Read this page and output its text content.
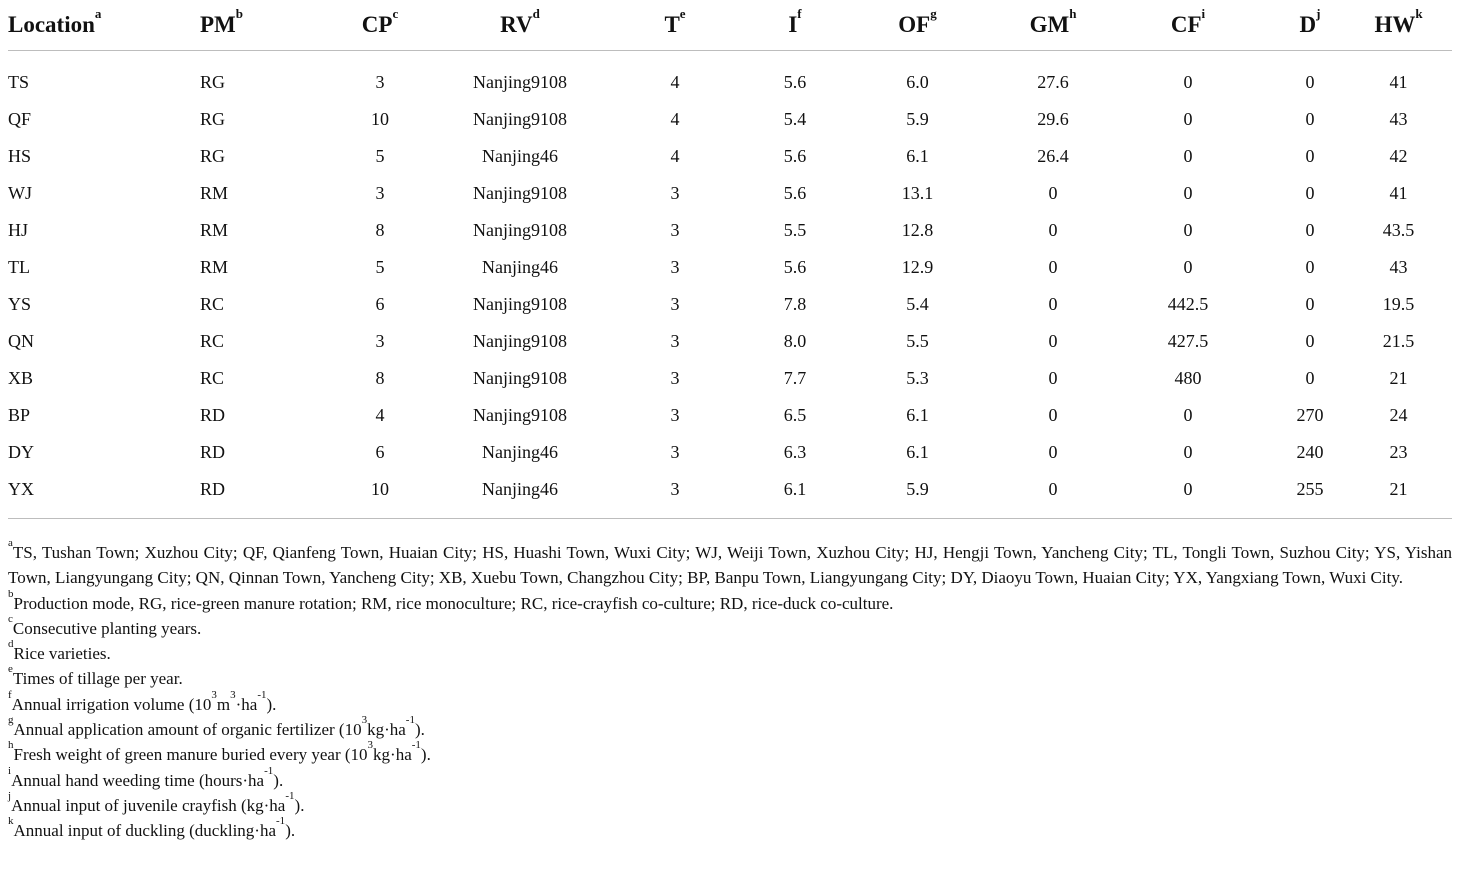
Location$^a$	$PM^b$	$CP^c$	$RV^d$	$T^e$	$I^f$	$OF^g$	$GM^h$	$CF^i$	$D^j$	$HW^k$
TS	RG	3	Nanjing9108	4	5.6	6.0	27.6	0	0	41
QF	RG	10	Nanjing9108	4	5.4	5.9	29.6	0	0	43
HS	RG	5	Nanjing46	4	5.6	6.1	26.4	0	0	42
WJ	RM	3	Nanjing9108	3	5.6	13.1	0	0	0	41
HJ	RM	8	Nanjing9108	3	5.5	12.8	0	0	0	43.5
TL	RM	5	Nanjing46	3	5.6	12.9	0	0	0	43
YS	RC	6	Nanjing9108	3	7.8	5.4	0	442.5	0	19.5
QN	RC	3	Nanjing9108	3	8.0	5.5	0	427.5	0	21.5
XB	RC	8	Nanjing9108	3	7.7	5.3	0	480	0	21
BP	RD	4	Nanjing9108	3	6.5	6.1	0	0	270	24
DY	RD	6	Nanjing46	3	6.3	6.1	0	0	240	23
YX	RD	10	Nanjing46	3	6.1	5.9	0	0	255	21
$^a$TS, Tushan Town; Xuzhou City; QF, Qianfeng Town, Huaian City; HS, Huashi Town, Wuxi City; WJ, Weiji Town, Xuzhou City; HJ, Hengji Town, Yancheng City; TL, Tongli Town, Suzhou City; YS, Yishan Town, Liangyungang City; QN, Qinnan Town, Yancheng City; XB, Xuebu Town, Changzhou City; BP, Banpu Town, Liangyungang City; DY, Diaoyu Town, Huaian City; YX, Yangxiang Town, Wuxi City.
$^b$Production mode, RG, rice-green manure rotation; RM, rice monoculture; RC, rice-crayfish co-culture; RD, rice-duck co-culture.
$^c$Consecutive planting years.
$^d$Rice varieties.
$^e$Times of tillage per year.
$^f$Annual irrigation volume $(10^3m^3\cdot ha^{-1})$.
$^g$Annual application amount of organic fertilizer $(10^3kg\cdot ha^{-1})$.
$^h$Fresh weight of green manure buried every year $(10^3kg\cdot ha^{-1})$.
$^i$Annual hand weeding time $(hours\cdot ha^{-1})$.
$^j$Annual input of juvenile crayfish $(kg\cdot ha^{-1})$.
$^k$Annual input of duckling $(duckling\cdot ha^{-1})$.
